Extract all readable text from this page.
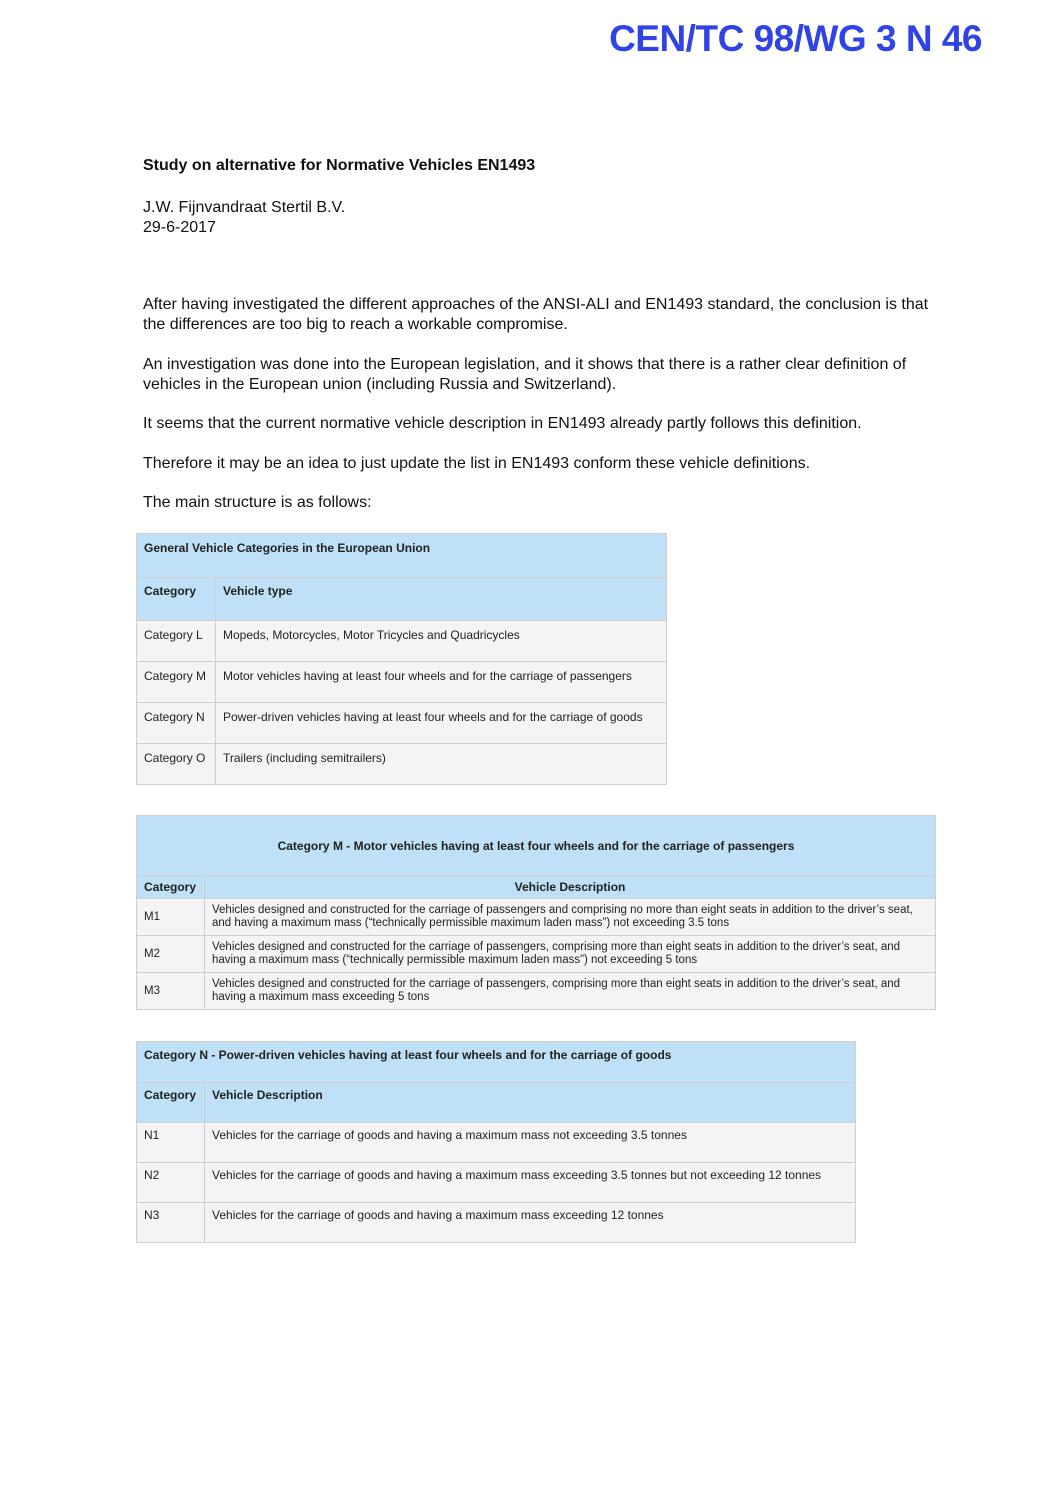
CEN/TC 98/WG 3 N 46
Study on alternative for Normative Vehicles EN1493
J.W. Fijnvandraat Stertil B.V.
29-6-2017
After having investigated the different approaches of the ANSI-ALI and EN1493 standard, the conclusion is that the differences are too big to reach a workable compromise.
An investigation was done into the European legislation, and it shows that there is a rather clear definition of vehicles in the European union (including Russia and Switzerland).
It seems that the current normative vehicle description in EN1493 already partly follows this definition.
Therefore it may be an idea to just update the list in EN1493 conform these vehicle definitions.
The main structure is as follows:
General Vehicle Categories in the European Union	
Category	Vehicle type
Category L	Mopeds, Motorcycles, Motor Tricycles and Quadricycles
Category M	Motor vehicles having at least four wheels and for the carriage of passengers
Category N	Power-driven vehicles having at least four wheels and for the carriage of goods
Category O	Trailers (including semitrailers)
Category M - Motor vehicles having at least four wheels and for the carriage of passengers	
Category	Vehicle Description
M1	Vehicles designed and constructed for the carriage of passengers and comprising no more than eight seats in addition to the driver’s seat, and having a maximum mass (“technically permissible maximum laden mass”) not exceeding 3.5 tons
M2	Vehicles designed and constructed for the carriage of passengers, comprising more than eight seats in addition to the driver’s seat, and having a maximum mass (“technically permissible maximum laden mass”) not exceeding 5 tons
M3	Vehicles designed and constructed for the carriage of passengers, comprising more than eight seats in addition to the driver’s seat, and having a maximum mass exceeding 5 tons
Category N - Power-driven vehicles having at least four wheels and for the carriage of goods	
Category	Vehicle Description
N1	Vehicles for the carriage of goods and having a maximum mass not exceeding 3.5 tonnes
N2	Vehicles for the carriage of goods and having a maximum mass exceeding 3.5 tonnes but not exceeding 12 tonnes
N3	Vehicles for the carriage of goods and having a maximum mass exceeding 12 tonnes
